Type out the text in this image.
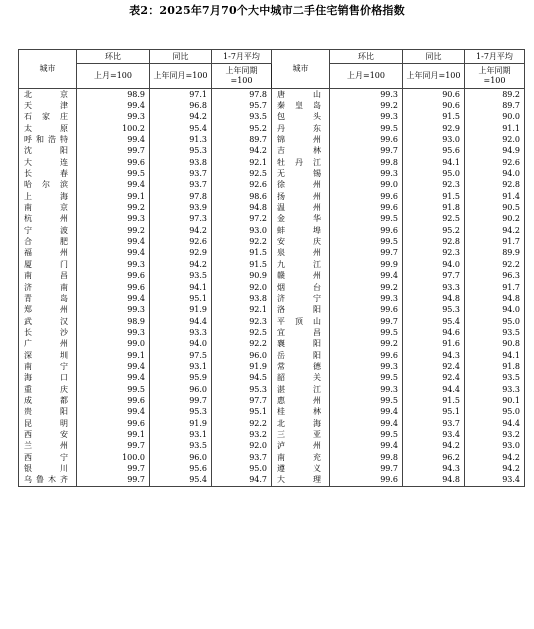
表2：2025年7月70个大中城市二手住宅销售价格指数
城市	环比	同比	1-7月平均	城市	环比	同比	1-7月平均
	上月=100	上年同月=100	上年同期=100		上月=100	上年同月=100	上年同期=100
北京	98.9	97.1	97.8	唐山	99.3	90.6	89.2
天津	99.4	96.8	95.7	秦皇岛	99.2	90.6	89.7
石家庄	99.3	94.2	93.5	包头	99.3	91.5	90.0
太原	100.2	95.4	95.2	丹东	99.5	92.9	91.1
呼和浩特	99.4	91.3	89.7	锦州	99.6	93.0	92.0
沈阳	99.7	95.3	94.2	吉林	99.7	95.6	94.9
大连	99.6	93.8	92.1	牡丹江	99.8	94.1	92.6
长春	99.5	93.7	92.5	无锡	99.3	95.0	94.0
哈尔滨	99.4	93.7	92.6	徐州	99.0	92.3	92.8
上海	99.1	97.8	98.6	扬州	99.6	91.5	91.4
南京	99.2	93.9	94.8	温州	99.6	91.8	90.5
杭州	99.3	97.3	97.2	金华	99.5	92.5	90.2
宁波	99.2	94.2	93.0	蚌埠	99.6	95.2	94.2
合肥	99.4	92.6	92.2	安庆	99.5	92.8	91.7
福州	99.4	92.9	91.5	泉州	99.7	92.3	89.9
厦门	99.3	94.2	91.5	九江	99.9	94.0	92.2
南昌	99.6	93.5	90.9	赣州	99.4	97.7	96.3
济南	99.6	94.1	92.0	烟台	99.2	93.3	91.7
青岛	99.4	95.1	93.8	济宁	99.3	94.8	94.8
郑州	99.3	91.9	92.1	洛阳	99.6	95.3	94.0
武汉	98.9	94.4	92.3	平顶山	99.7	95.4	95.0
长沙	99.3	93.3	92.5	宜昌	99.5	94.6	93.5
广州	99.0	94.0	92.2	襄阳	99.2	91.6	90.8
深圳	99.1	97.5	96.0	岳阳	99.6	94.3	94.1
南宁	99.4	93.1	91.9	常德	99.3	92.4	91.8
海口	99.4	95.9	94.5	韶关	99.5	92.4	93.5
重庆	99.5	96.0	95.3	湛江	99.3	94.4	93.3
成都	99.6	99.7	97.7	惠州	99.5	91.5	90.1
贵阳	99.4	95.3	95.1	桂林	99.4	95.1	95.0
昆明	99.6	91.9	92.2	北海	99.4	93.7	94.4
西安	99.1	93.1	93.2	三亚	99.5	93.4	93.2
兰州	99.7	93.5	92.0	泸州	99.4	94.2	93.0
西宁	100.0	96.0	93.7	南充	99.8	96.2	94.2
银川	99.7	95.6	95.0	遵义	99.7	94.3	94.2
乌鲁木齐	99.7	95.4	94.7	大理	99.6	94.8	93.4
